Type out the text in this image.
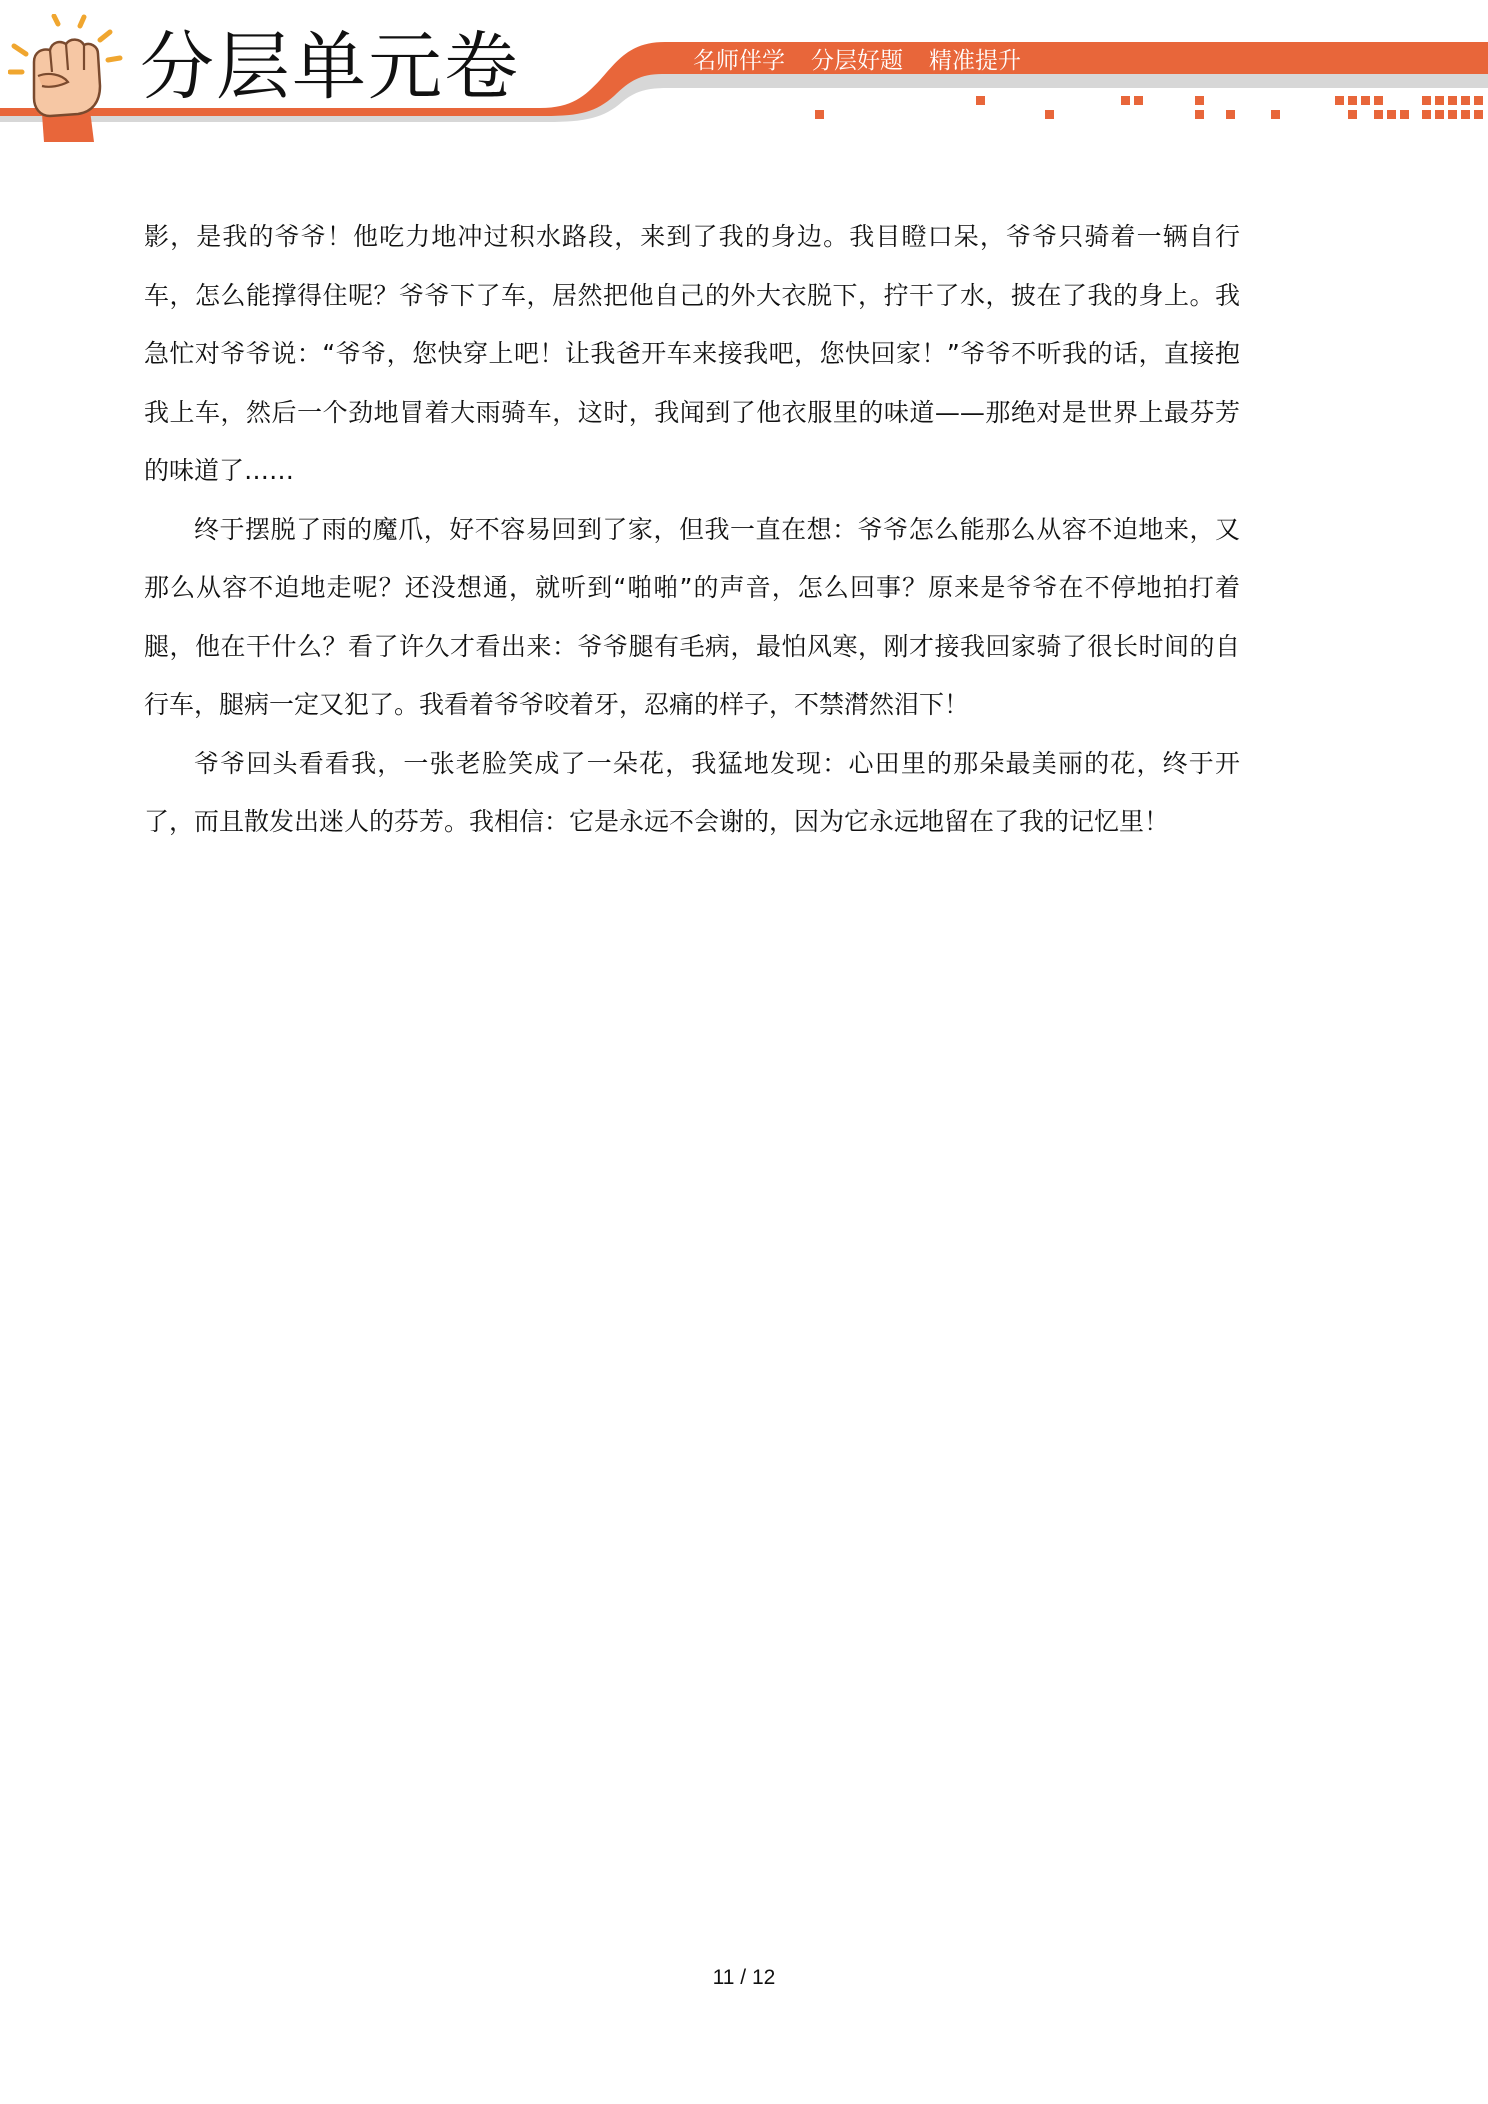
分层单元卷	名师伴学 分层好题 精准提升

影，是我的爷爷！他吃力地冲过积水路段，来到了我的身边。我目瞪口呆，爷爷只骑着一辆自行车，怎么能撑得住呢？爷爷下了车，居然把他自己的外大衣脱下，拧干了水，披在了我的身上。我急忙对爷爷说：“爷爷，您快穿上吧！让我爸开车来接我吧，您快回家！”爷爷不听我的话，直接抱我上车，然后一个劲地冒着大雨骑车，这时，我闻到了他衣服里的味道——那绝对是世界上最芬芳的味道了……

终于摆脱了雨的魔爪，好不容易回到了家，但我一直在想：爷爷怎么能那么从容不迫地来，又那么从容不迫地走呢？还没想通，就听到“啪啪”的声音，怎么回事？原来是爷爷在不停地拍打着腿，他在干什么？看了许久才看出来：爷爷腿有毛病，最怕风寒，刚才接我回家骑了很长时间的自行车，腿病一定又犯了。我看着爷爷咬着牙，忍痛的样子，不禁潸然泪下！

爷爷回头看看我，一张老脸笑成了一朵花，我猛地发现：心田里的那朵最美丽的花，终于开了，而且散发出迷人的芬芳。我相信：它是永远不会谢的，因为它永远地留在了我的记忆里！

11 / 12
